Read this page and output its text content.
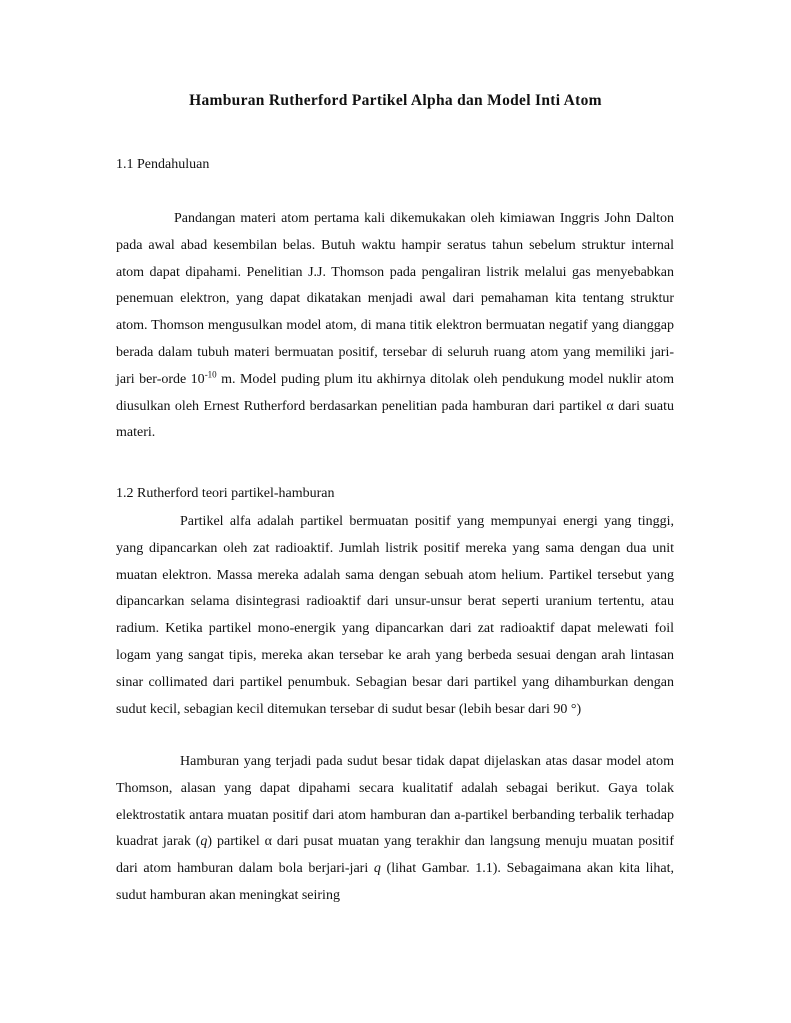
Hamburan Rutherford Partikel Alpha dan Model Inti Atom
1.1 Pendahuluan

Pandangan materi atom pertama kali dikemukakan oleh kimiawan Inggris John Dalton pada awal abad kesembilan belas. Butuh waktu hampir seratus tahun sebelum struktur internal atom dapat dipahami. Penelitian J.J. Thomson pada pengaliran listrik melalui gas menyebabkan penemuan elektron, yang dapat dikatakan menjadi awal dari pemahaman kita tentang struktur atom. Thomson mengusulkan model atom, di mana titik elektron bermuatan negatif yang dianggap berada dalam tubuh materi bermuatan positif, tersebar di seluruh ruang atom yang memiliki jari-jari ber-orde $10^{-10}$ m. Model puding plum itu akhirnya ditolak oleh pendukung model nuklir atom diusulkan oleh Ernest Rutherford berdasarkan penelitian pada hamburan dari partikel α dari suatu materi.

1.2 Rutherford teori partikel-hamburan

Partikel alfa adalah partikel bermuatan positif yang mempunyai energi yang tinggi, yang dipancarkan oleh zat radioaktif. Jumlah listrik positif mereka yang sama dengan dua unit muatan elektron. Massa mereka adalah sama dengan sebuah atom helium. Partikel tersebut yang dipancarkan selama disintegrasi radioaktif dari unsur-unsur berat seperti uranium tertentu, atau radium. Ketika partikel mono-energik yang dipancarkan dari zat radioaktif dapat melewati foil logam yang sangat tipis, mereka akan tersebar ke arah yang berbeda sesuai dengan arah lintasan sinar collimated dari partikel penumbuk. Sebagian besar dari partikel yang dihamburkan dengan sudut kecil, sebagian kecil ditemukan tersebar di sudut besar (lebih besar dari 90 °)

Hamburan yang terjadi pada sudut besar tidak dapat dijelaskan atas dasar model atom Thomson, alasan yang dapat dipahami secara kualitatif adalah sebagai berikut. Gaya tolak elektrostatik antara muatan positif dari atom hamburan dan a-partikel berbanding terbalik terhadap kuadrat jarak (q) partikel α dari pusat muatan yang terakhir dan langsung menuju muatan positif dari atom hamburan dalam bola berjari-jari q (lihat Gambar. 1.1). Sebagaimana akan kita lihat, sudut hamburan akan meningkat seiring
